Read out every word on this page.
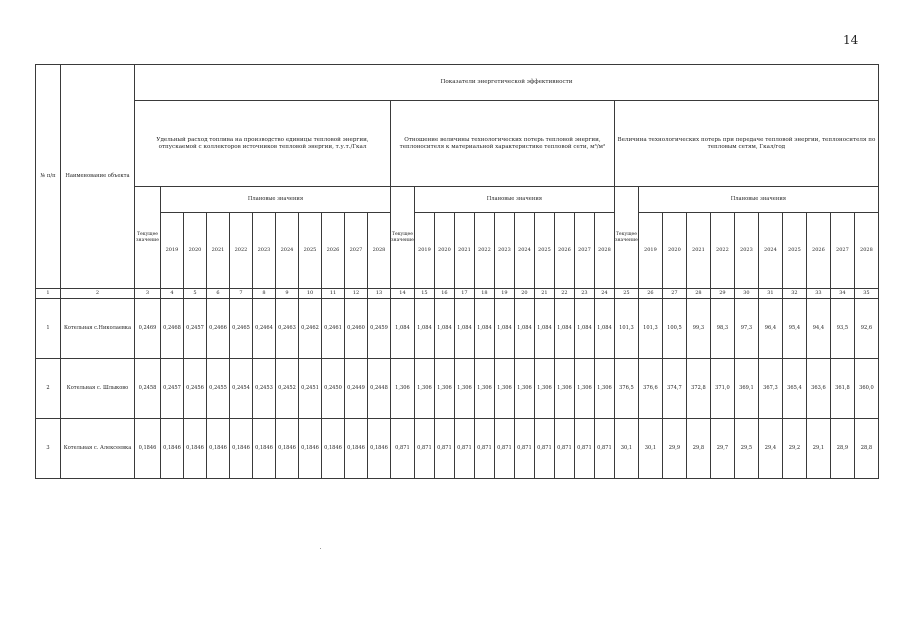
14
№ п/п	Наименование объекта	Показатели энергетической эффективности																																
		Удельный расход топлива на производство единицы тепловой энергии, отпускаемой с коллекторов источников тепловой энергии, т.у.т./Гкал											Отношение величины технологических потерь тепловой энергии, теплоносителя к материальной характеристике тепловой сети, м³/м²											Величина технологических потерь при передаче тепловой энергии, теплоносителя по тепловым сетям, Гкал/год										
		Текущее значение	Плановые значения										Текущее значение	Плановые значения										Текущее значение	Плановые значения									
			2019	2020	2021	2022	2023	2024	2025	2026	2027	2028		2019	2020	2021	2022	2023	2024	2025	2026	2027	2028		2019	2020	2021	2022	2023	2024	2025	2026	2027	2028
1	2	3	4	5	6	7	8	9	10	11	12	13	14	15	16	17	18	19	20	21	22	23	24	25	26	27	28	29	30	31	32	33	34	35
1	Котельная с.Николаевка	0,2469	0,2468	0,2457	0,2466	0,2465	0,2464	0,2463	0,2462	0,2461	0,2460	0,2459	1,084	1,084	1,084	1,084	1,084	1,084	1,084	1,084	1,084	1,084	1,084	101,3	101,3	100,5	99,3	98,3	97,3	96,4	95,4	94,4	93,5	92,6
2	Котельная с. Шлыково	0,2458	0,2457	0,2456	0,2455	0,2454	0,2453	0,2452	0,2451	0,2450	0,2449	0,2448	1,306	1,306	1,306	1,306	1,306	1,306	1,306	1,306	1,306	1,306	1,306	376,5	376,6	374,7	372,8	371,0	369,1	367,3	365,4	363,6	361,8	360,0
3	Котельная с. Алексеевка	0,1846	0,1846	0,1846	0,1846	0,1846	0,1846	0,1846	0,1846	0,1846	0,1846	0,1846	0,871	0,871	0,871	0,871	0,871	0,871	0,871	0,871	0,871	0,871	0,871	30,1	30,1	29,9	29,8	29,7	29,5	29,4	29,2	29,1	28,9	28,8
